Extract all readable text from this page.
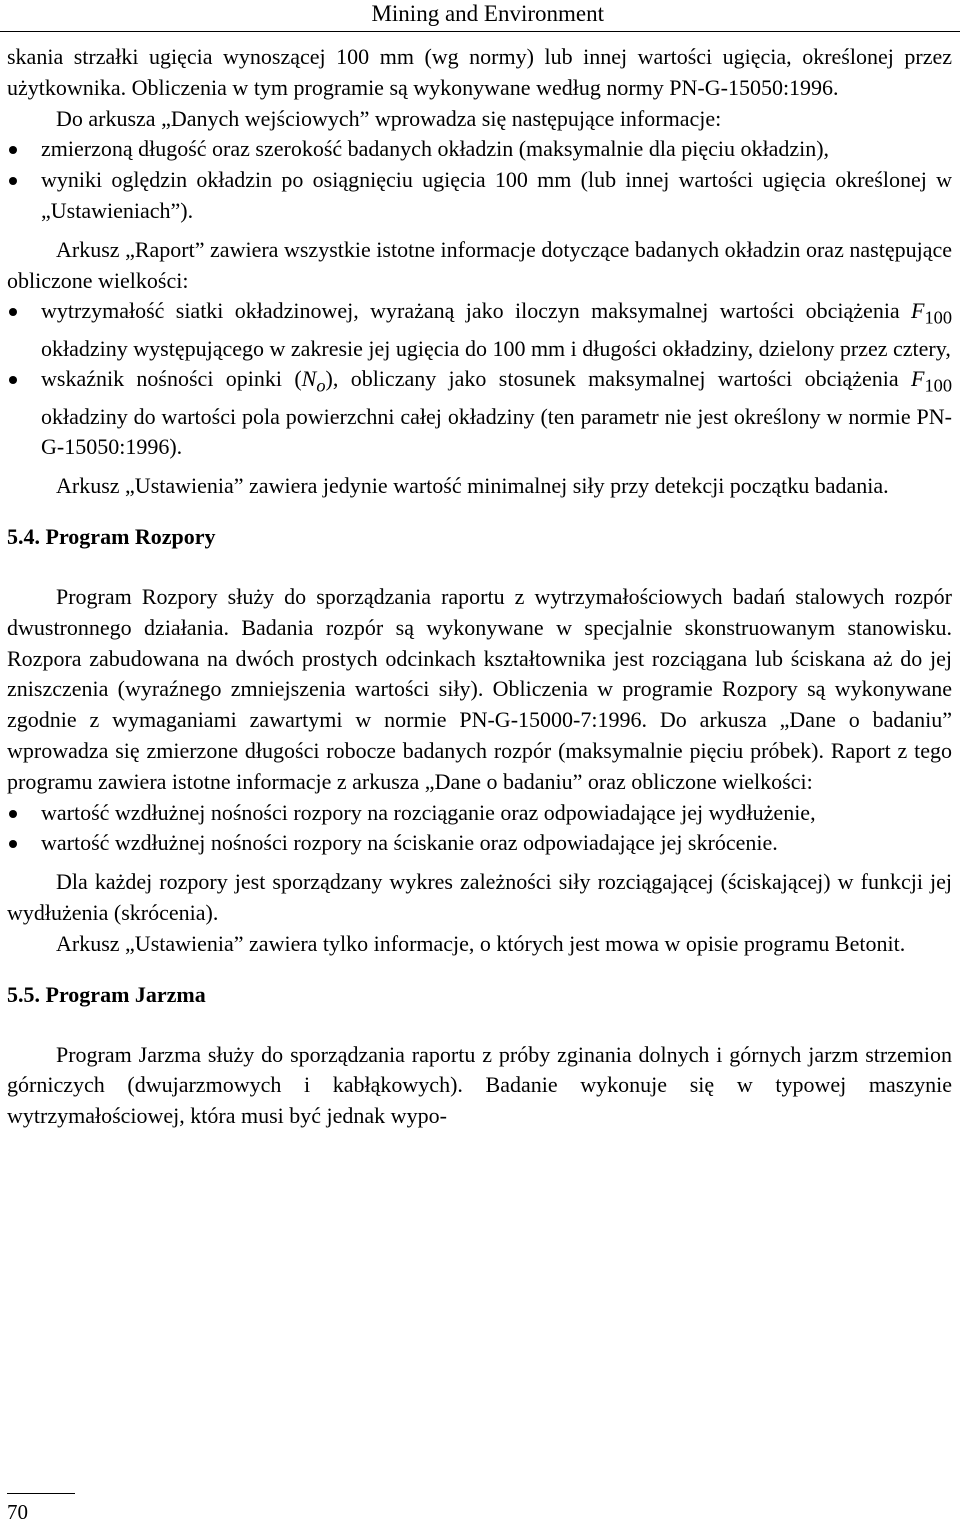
Mining and Environment

skania strzałki ugięcia wynoszącej 100 mm (wg normy) lub innej wartości ugięcia, określonej przez użytkownika. Obliczenia w tym programie są wykonywane według normy PN-G-15050:1996.

Do arkusza „Danych wejściowych” wprowadza się następujące informacje:

zmierzoną długość oraz szerokość badanych okładzin (maksymalnie dla pięciu okładzin),
wyniki oględzin okładzin po osiągnięciu ugięcia 100 mm (lub innej wartości ugięcia określonej w „Ustawieniach”).

Arkusz „Raport” zawiera wszystkie istotne informacje dotyczące badanych okładzin oraz następujące obliczone wielkości:

wytrzymałość siatki okładzinowej, wyrażaną jako iloczyn maksymalnej wartości obciążenia $F_{100}$ okładziny występującego w zakresie jej ugięcia do 100 mm i długości okładziny, dzielony przez cztery,
wskaźnik nośności opinki $(N_o)$, obliczany jako stosunek maksymalnej wartości obciążenia $F_{100}$ okładziny do wartości pola powierzchni całej okładziny (ten parametr nie jest określony w normie PN-G-15050:1996).

Arkusz „Ustawienia” zawiera jedynie wartość minimalnej siły przy detekcji początku badania.

5.4. Program Rozpory

Program Rozpory służy do sporządzania raportu z wytrzymałościowych badań stalowych rozpór dwustronnego działania. Badania rozpór są wykonywane w specjalnie skonstruowanym stanowisku. Rozpora zabudowana na dwóch prostych odcinkach kształtownika jest rozciągana lub ściskana aż do jej zniszczenia (wyraźnego zmniejszenia wartości siły). Obliczenia w programie Rozpory są wykonywane zgodnie z wymaganiami zawartymi w normie PN-G-15000-7:1996. Do arkusza „Dane o badaniu” wprowadza się zmierzone długości robocze badanych rozpór (maksymalnie pięciu próbek). Raport z tego programu zawiera istotne informacje z arkusza „Dane o badaniu” oraz obliczone wielkości:

wartość wzdłużnej nośności rozpory na rozciąganie oraz odpowiadające jej wydłużenie,
wartość wzdłużnej nośności rozpory na ściskanie oraz odpowiadające jej skrócenie.

Dla każdej rozpory jest sporządzany wykres zależności siły rozciągającej (ściskającej) w funkcji jej wydłużenia (skrócenia).

Arkusz „Ustawienia” zawiera tylko informacje, o których jest mowa w opisie programu Betonit.

5.5. Program Jarzma

Program Jarzma służy do sporządzania raportu z próby zginania dolnych i górnych jarzm strzemion górniczych (dwujarzmowych i kabłąkowych). Badanie wykonuje się w typowej maszynie wytrzymałościowej, która musi być jednak wypo-

70
